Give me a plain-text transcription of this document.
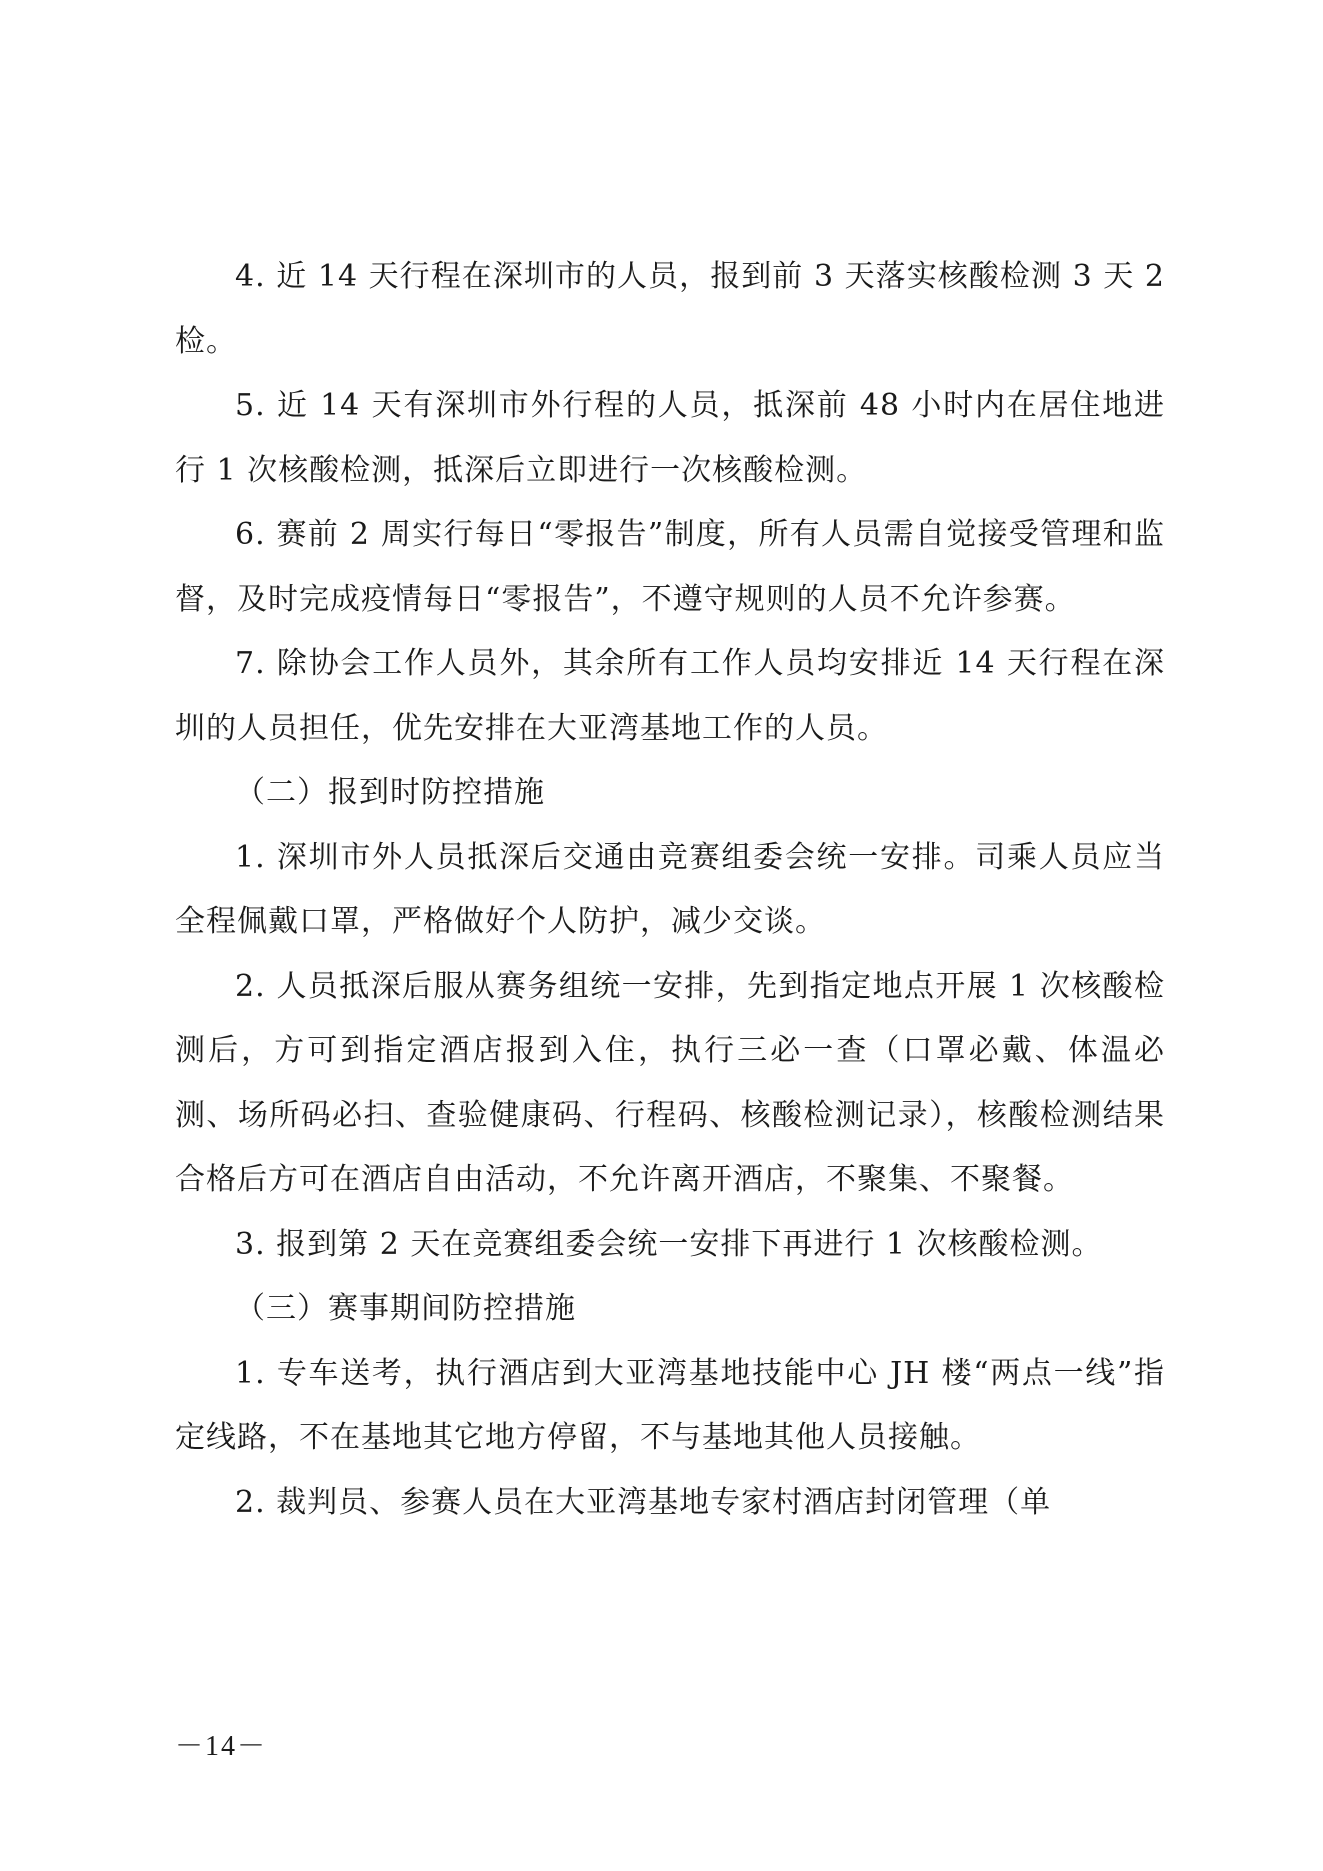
4. 近 14 天行程在深圳市的人员，报到前 3 天落实核酸检测 3 天 2 检。

5. 近 14 天有深圳市外行程的人员，抵深前 48 小时内在居住地进行 1 次核酸检测，抵深后立即进行一次核酸检测。

6. 赛前 2 周实行每日“零报告”制度，所有人员需自觉接受管理和监督，及时完成疫情每日“零报告”，不遵守规则的人员不允许参赛。

7. 除协会工作人员外，其余所有工作人员均安排近 14 天行程在深圳的人员担任，优先安排在大亚湾基地工作的人员。

（二）报到时防控措施

1. 深圳市外人员抵深后交通由竞赛组委会统一安排。司乘人员应当全程佩戴口罩，严格做好个人防护，减少交谈。

2. 人员抵深后服从赛务组统一安排，先到指定地点开展 1 次核酸检测后，方可到指定酒店报到入住，执行三必一查（口罩必戴、体温必测、场所码必扫、查验健康码、行程码、核酸检测记录），核酸检测结果合格后方可在酒店自由活动，不允许离开酒店，不聚集、不聚餐。

3. 报到第 2 天在竞赛组委会统一安排下再进行 1 次核酸检测。

（三）赛事期间防控措施

1. 专车送考，执行酒店到大亚湾基地技能中心 JH 楼“两点一线”指定线路，不在基地其它地方停留，不与基地其他人员接触。

2. 裁判员、参赛人员在大亚湾基地专家村酒店封闭管理（单

－14－
